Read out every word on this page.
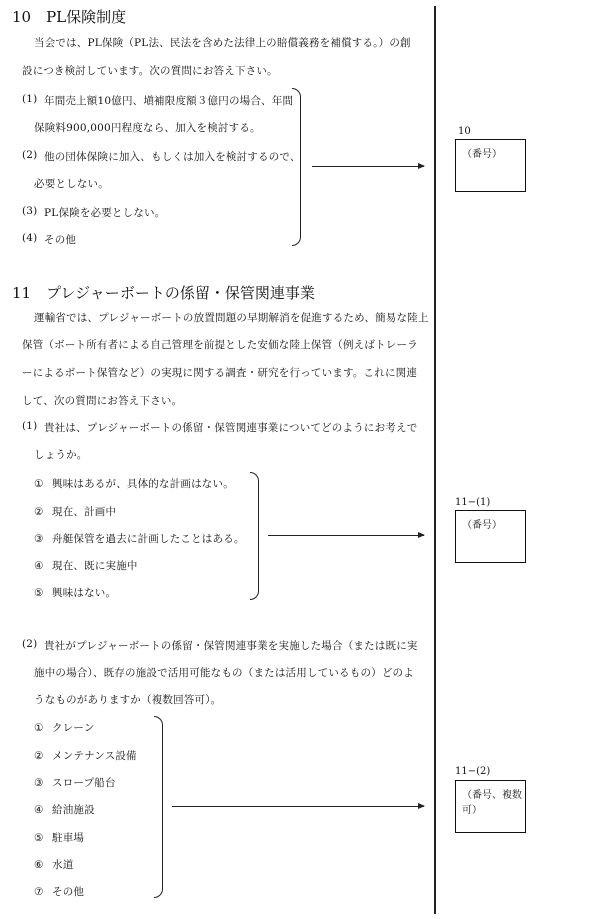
10　PL保険制度
当会では、PL保険（PL法、民法を含めた法律上の賠償義務を補償する。）の創
設につき検討しています。次の質問にお答え下さい。
(1) 年間売上額10億円、塡補限度額３億円の場合、年間
保険料900,000円程度なら、加入を検討する。
(2) 他の団体保険に加入、もしくは加入を検討するので、
必要としない。
(3) PL保険を必要としない。
(4) その他
10
（番号）
11　プレジャーボートの係留・保管関連事業
運輸省では、プレジャーボートの放置問題の早期解消を促進するため、簡易な陸上
保管（ボート所有者による自己管理を前提とした安価な陸上保管（例えばトレーラ
ーによるボート保管など）の実現に関する調査・研究を行っています。これに関連
して、次の質問にお答え下さい。
(1) 貴社は、プレジャーボートの係留・保管関連事業についてどのようにお考えで
しょうか。
① 興味はあるが、具体的な計画はない。
② 現在、計画中
③ 舟艇保管を過去に計画したことはある。
④ 現在、既に実施中
⑤ 興味はない。
11−(1)
（番号）
(2) 貴社がプレジャーボートの係留・保管関連事業を実施した場合（または既に実
施中の場合）、既存の施設で活用可能なもの（または活用しているもの）どのよ
うなものがありますか（複数回答可）。
① クレーン
② メンテナンス設備
③ スロープ船台
④ 給油施設
⑤ 駐車場
⑥ 水道
⑦ その他
11−(2)
（番号、複数可）
